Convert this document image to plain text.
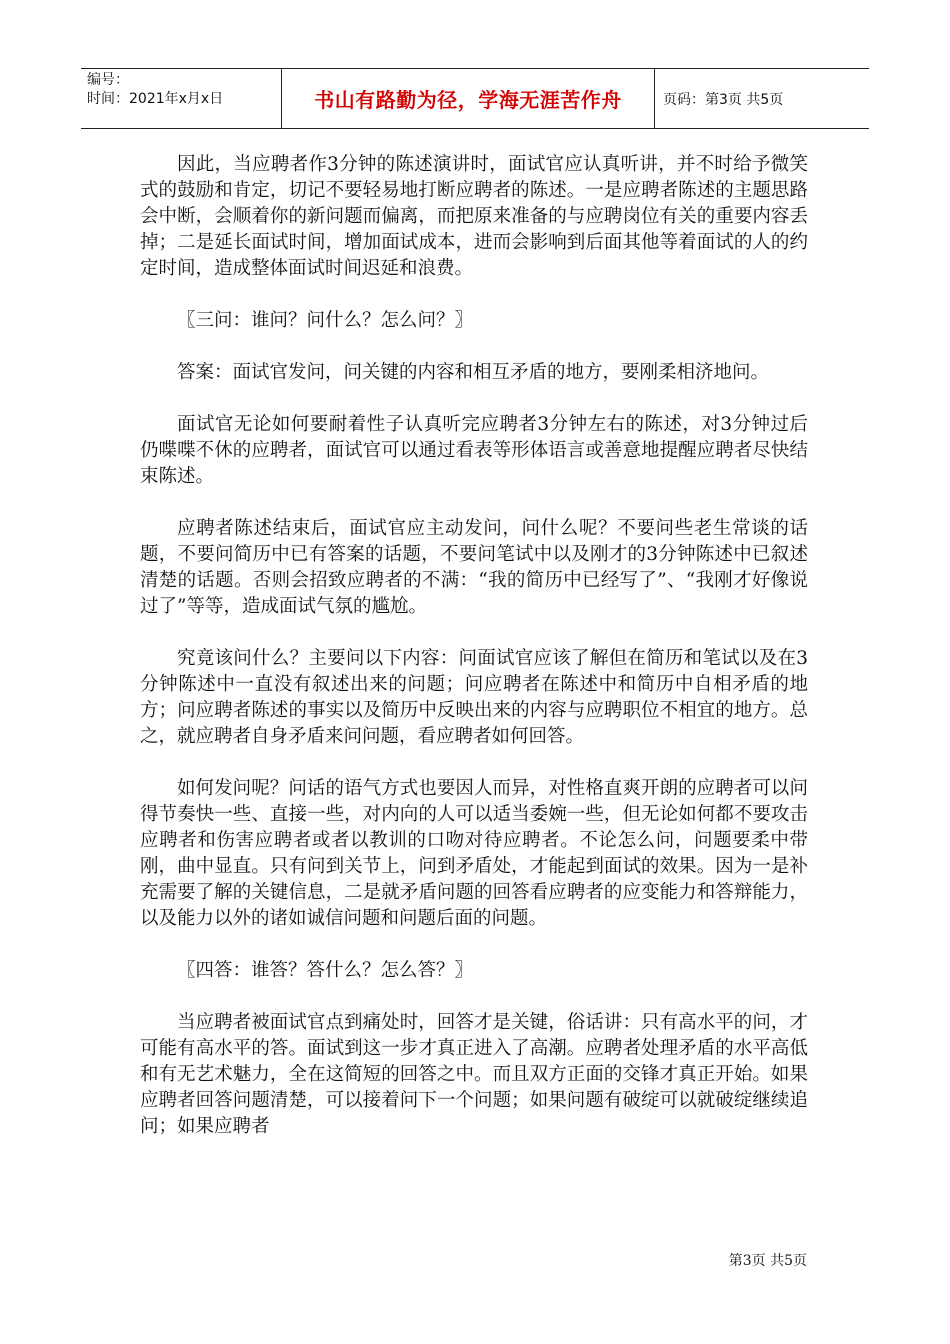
编号：
时间：2021年x月x日	书山有路勤为径，学海无涯苦作舟	页码：第3页 共5页

因此，当应聘者作3分钟的陈述演讲时，面试官应认真听讲，并不时给予微笑式的鼓励和肯定，切记不要轻易地打断应聘者的陈述。一是应聘者陈述的主题思路会中断，会顺着你的新问题而偏离，而把原来准备的与应聘岗位有关的重要内容丢掉；二是延长面试时间，增加面试成本，进而会影响到后面其他等着面试的人的约定时间，造成整体面试时间迟延和浪费。

〖三问：谁问？问什么？怎么问？〗

答案：面试官发问，问关键的内容和相互矛盾的地方，要刚柔相济地问。

面试官无论如何要耐着性子认真听完应聘者3分钟左右的陈述，对3分钟过后仍喋喋不休的应聘者，面试官可以通过看表等形体语言或善意地提醒应聘者尽快结束陈述。

应聘者陈述结束后，面试官应主动发问，问什么呢？不要问些老生常谈的话题，不要问简历中已有答案的话题，不要问笔试中以及刚才的3分钟陈述中已叙述清楚的话题。否则会招致应聘者的不满：“我的简历中已经写了”、“我刚才好像说过了”等等，造成面试气氛的尴尬。

究竟该问什么？主要问以下内容：问面试官应该了解但在简历和笔试以及在3分钟陈述中一直没有叙述出来的问题；问应聘者在陈述中和简历中自相矛盾的地方；问应聘者陈述的事实以及简历中反映出来的内容与应聘职位不相宜的地方。总之，就应聘者自身矛盾来问问题，看应聘者如何回答。

如何发问呢？问话的语气方式也要因人而异，对性格直爽开朗的应聘者可以问得节奏快一些、直接一些，对内向的人可以适当委婉一些，但无论如何都不要攻击应聘者和伤害应聘者或者以教训的口吻对待应聘者。不论怎么问，问题要柔中带刚，曲中显直。只有问到关节上，问到矛盾处，才能起到面试的效果。因为一是补充需要了解的关键信息，二是就矛盾问题的回答看应聘者的应变能力和答辩能力，以及能力以外的诸如诚信问题和问题后面的问题。

〖四答：谁答？答什么？怎么答？〗

当应聘者被面试官点到痛处时，回答才是关键，俗话讲：只有高水平的问，才可能有高水平的答。面试到这一步才真正进入了高潮。应聘者处理矛盾的水平高低和有无艺术魅力，全在这简短的回答之中。而且双方正面的交锋才真正开始。如果应聘者回答问题清楚，可以接着问下一个问题；如果问题有破绽可以就破绽继续追问；如果应聘者

第3页 共5页
